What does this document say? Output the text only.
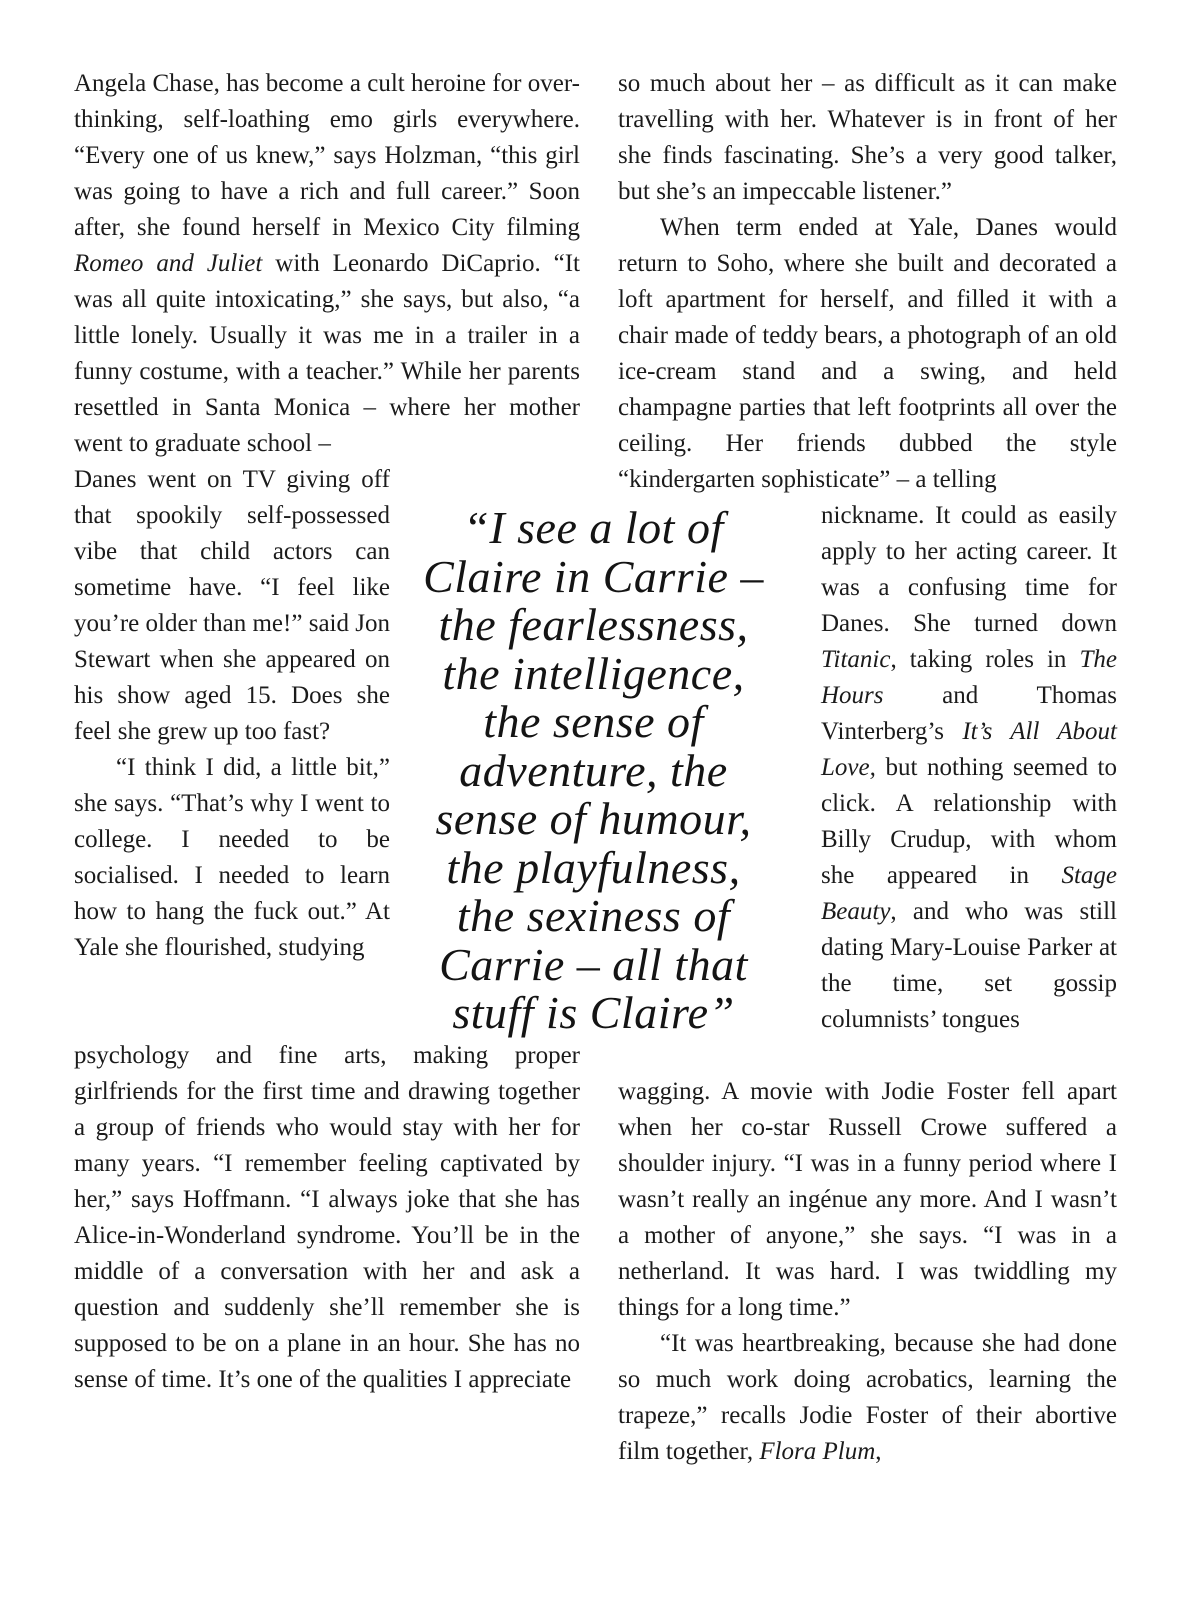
Angela Chase, has become a cult heroine for over-thinking, self-loathing emo girls everywhere. “Every one of us knew,” says Holzman, “this girl was going to have a rich and full career.” Soon after, she found herself in Mexico City filming Romeo and Juliet with Leonardo DiCaprio. “It was all quite intoxicating,” she says, but also, “a little lonely. Usually it was me in a trailer in a funny costume, with a teacher.” While her parents resettled in Santa Monica – where her mother went to graduate school –

Danes went on TV giving off that spookily self-possessed vibe that child actors can sometime have. “I feel like you’re older than me!” said Jon Stewart when she appeared on his show aged 15. Does she feel she grew up too fast?

“I think I did, a little bit,” she says. “That’s why I went to college. I needed to be socialised. I needed to learn how to hang the fuck out.” At Yale she flourished, studying

psychology and fine arts, making proper girlfriends for the first time and drawing together a group of friends who would stay with her for many years. “I remember feeling captivated by her,” says Hoffmann. “I always joke that she has Alice-in-Wonderland syndrome. You’ll be in the middle of a conversation with her and ask a question and suddenly she’ll remember she is supposed to be on a plane in an hour. She has no sense of time. It’s one of the qualities I appreciate

so much about her – as difficult as it can make travelling with her. Whatever is in front of her she finds fascinating. She’s a very good talker, but she’s an impeccable listener.”

When term ended at Yale, Danes would return to Soho, where she built and decorated a loft apartment for herself, and filled it with a chair made of teddy bears, a photograph of an old ice-cream stand and a swing, and held champagne parties that left footprints all over the ceiling. Her friends dubbed the style “kindergarten sophisticate” – a telling

nickname. It could as easily apply to her acting career. It was a confusing time for Danes. She turned down Titanic, taking roles in The Hours and Thomas Vinterberg’s It’s All About Love, but nothing seemed to click. A relationship with Billy Crudup, with whom she appeared in Stage Beauty, and who was still dating Mary-Louise Parker at the time, set gossip columnists’ tongues

wagging. A movie with Jodie Foster fell apart when her co-star Russell Crowe suffered a shoulder injury. “I was in a funny period where I wasn’t really an ingénue any more. And I wasn’t a mother of anyone,” she says. “I was in a netherland. It was hard. I was twiddling my things for a long time.”

“It was heartbreaking, because she had done so much work doing acrobatics, learning the trapeze,” recalls Jodie Foster of their abortive film together, Flora Plum,

“I see a lot of
Claire in Carrie –
the fearlessness,
the intelligence,
the sense of
adventure, the
sense of humour,
the playfulness,
the sexiness of
Carrie – all that
stuff is Claire”
